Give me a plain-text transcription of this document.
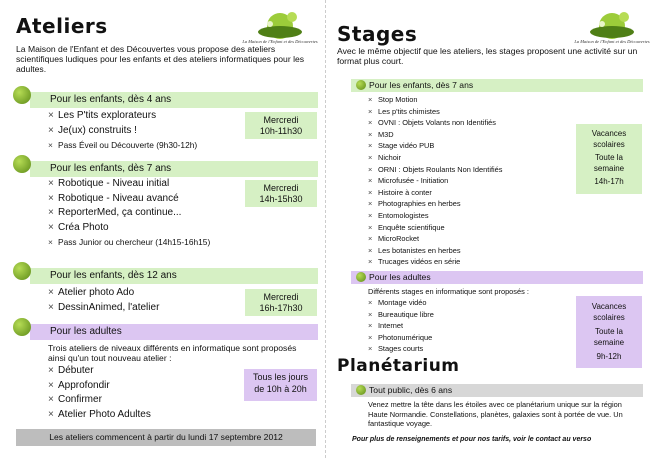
Ateliers
La Maison de l'Enfant et des Découvertes
La Maison de l'Enfant et des Découvertes vous propose des ateliers scientifiques ludiques pour les enfants et des ateliers informatiques pour les adultes.
Pour les enfants, dès 4 ans
× Les P'tits explorateurs
× Je(ux) construits !
× Pass Éveil ou Découverte (9h30-12h)
Mercredi
10h-11h30
Pour les enfants, dès 7 ans
× Robotique - Niveau initial
× Robotique - Niveau avancé
× ReporterMed, ça continue...
× Créa Photo
× Pass Junior ou chercheur (14h15-16h15)
Mercredi
14h-15h30
Pour les enfants, dès 12 ans
× Atelier photo Ado
× DessinAnimed, l'atelier
Mercredi
16h-17h30
Pour les adultes
Trois ateliers de niveaux différents en informatique sont proposés ainsi qu'un tout nouveau atelier :
× Débuter
× Approfondir
× Confirmer
× Atelier Photo Adultes
Tous les jours
de 10h à 20h
Les ateliers commencent à partir du lundi 17 septembre 2012
Stages	La Maison de l'Enfant et des Découvertes
Avec le même objectif que les ateliers, les stages proposent une activité sur un format plus court.
Pour les enfants, dès 7 ans
× Stop Motion
× Les p'tits chimistes
× OVNI : Objets Volants non Identifiés
× M3D
× Stage vidéo PUB
× Nichoir
× ORNI : Objets Roulants Non Identifiés
× Microfusée - Initiation
× Histoire à conter
× Photographies en herbes
× Entomologistes
× Enquête scientifique
× MicroRocket
× Les botanistes en herbes
× Trucages vidéos en série
Vacances
scolaires
Toute la
semaine
14h-17h
Pour les adultes
Différents stages en informatique sont proposés :
× Montage vidéo
× Bureautique libre
× Internet
× Photonumérique
× Stages courts
Vacances
scolaires
Toute la
semaine
9h-12h
Planétarium
Tout public, dès 6 ans
Venez mettre la tête dans les étoiles avec ce planétarium unique sur la région Haute Normandie. Constellations, planètes, galaxies sont à portée de vue. Un fantastique voyage.
Pour plus de renseignements et pour nos tarifs, voir le contact au verso
